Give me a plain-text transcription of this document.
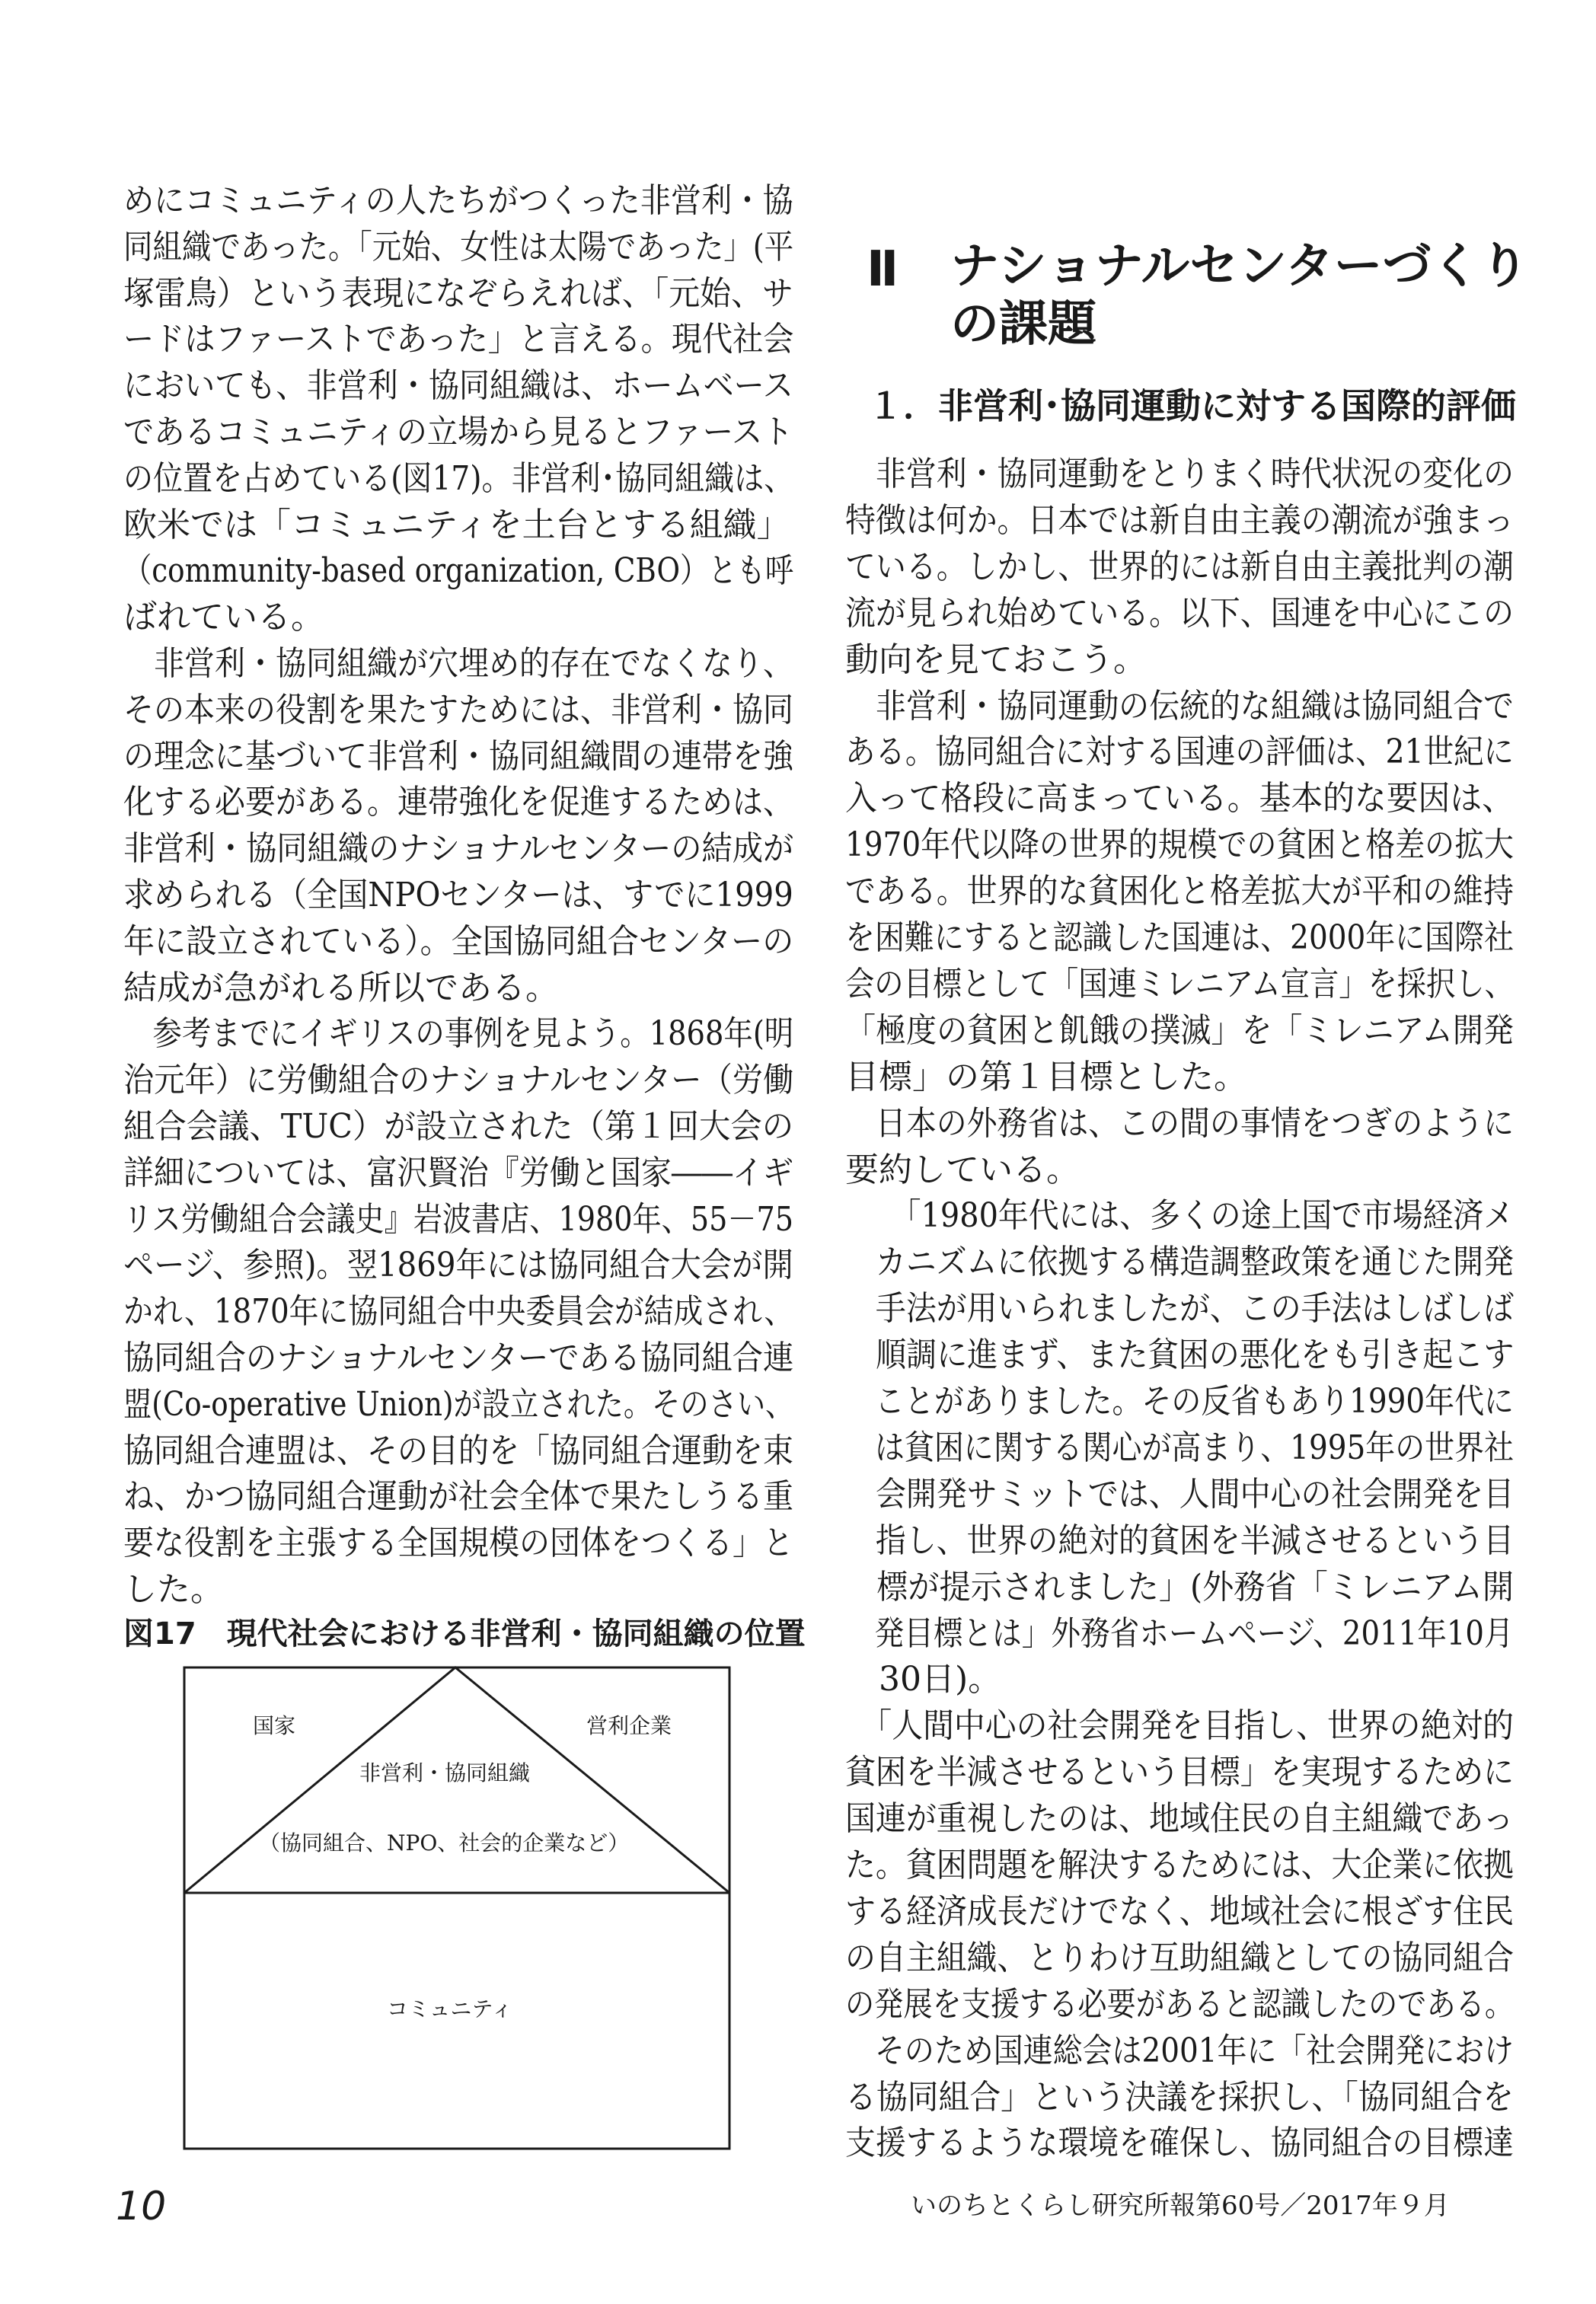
めにコミュニティの人たちがつくった非営利・協
同組織であった。「元始、女性は太陽であった」(平
塚雷鳥）という表現になぞらえれば、「元始、サ
ードはファーストであった」と言える。現代社会
においても、非営利・協同組織は、ホームベース
であるコミュニティの立場から見るとファースト
の位置を占めている(図17)。非営利･協同組織は、
欧米では「コミュニティを土台とする組織」
（community-based organization, CBO）とも呼
ばれている。
　非営利・協同組織が穴埋め的存在でなくなり、
その本来の役割を果たすためには、非営利・協同
の理念に基づいて非営利・協同組織間の連帯を強
化する必要がある。連帯強化を促進するためは、
非営利・協同組織のナショナルセンターの結成が
求められる（全国NPOセンターは、すでに1999
年に設立されている）。全国協同組合センターの
結成が急がれる所以である。
　参考までにイギリスの事例を見よう。1868年(明
治元年）に労働組合のナショナルセンター（労働
組合会議、TUC）が設立された（第１回大会の
詳細については、富沢賢治『労働と国家――イギ
リス労働組合会議史』岩波書店、1980年、55－75
ページ、参照)。翌1869年には協同組合大会が開
かれ、1870年に協同組合中央委員会が結成され、
協同組合のナショナルセンターである協同組合連
盟(Co-operative Union)が設立された。そのさい、
協同組合連盟は、その目的を「協同組合運動を束
ね、かつ協同組合運動が社会全体で果たしうる重
要な役割を主張する全国規模の団体をつくる」と
した。
図17　現代社会における非営利・協同組織の位置
国家	営利企業
非営利・協同組織
（協同組合、NPO、社会的企業など）
コミュニティ
Ⅱ ナショナルセンターづくり
の課題
１．非営利･協同運動に対する国際的評価
　非営利・協同運動をとりまく時代状況の変化の
特徴は何か。日本では新自由主義の潮流が強まっ
ている。しかし、世界的には新自由主義批判の潮
流が見られ始めている。以下、国連を中心にこの
動向を見ておこう。
　非営利・協同運動の伝統的な組織は協同組合で
ある。協同組合に対する国連の評価は、21世紀に
入って格段に高まっている。基本的な要因は、
1970年代以降の世界的規模での貧困と格差の拡大
である。世界的な貧困化と格差拡大が平和の維持
を困難にすると認識した国連は、2000年に国際社
会の目標として「国連ミレニアム宣言」を採択し、
「極度の貧困と飢餓の撲滅」を「ミレニアム開発
目標」の第１目標とした。
　日本の外務省は、この間の事情をつぎのように
要約している。
　　「1980年代には、多くの途上国で市場経済メ
　カニズムに依拠する構造調整政策を通じた開発
　手法が用いられましたが、この手法はしばしば
　順調に進まず、また貧困の悪化をも引き起こす
　ことがありました。その反省もあり1990年代に
　は貧困に関する関心が高まり、1995年の世界社
　会開発サミットでは、人間中心の社会開発を目
　指し、世界の絶対的貧困を半減させるという目
　標が提示されました」(外務省「ミレニアム開
　発目標とは」外務省ホームページ、2011年10月
　30日)。
　「人間中心の社会開発を目指し、世界の絶対的
貧困を半減させるという目標」を実現するために
国連が重視したのは、地域住民の自主組織であっ
た。貧困問題を解決するためには、大企業に依拠
する経済成長だけでなく、地域社会に根ざす住民
の自主組織、とりわけ互助組織としての協同組合
の発展を支援する必要があると認識したのである。
　そのため国連総会は2001年に「社会開発におけ
る協同組合」という決議を採択し、「協同組合を
支援するような環境を確保し、協同組合の目標達
10	いのちとくらし研究所報第60号／2017年９月
